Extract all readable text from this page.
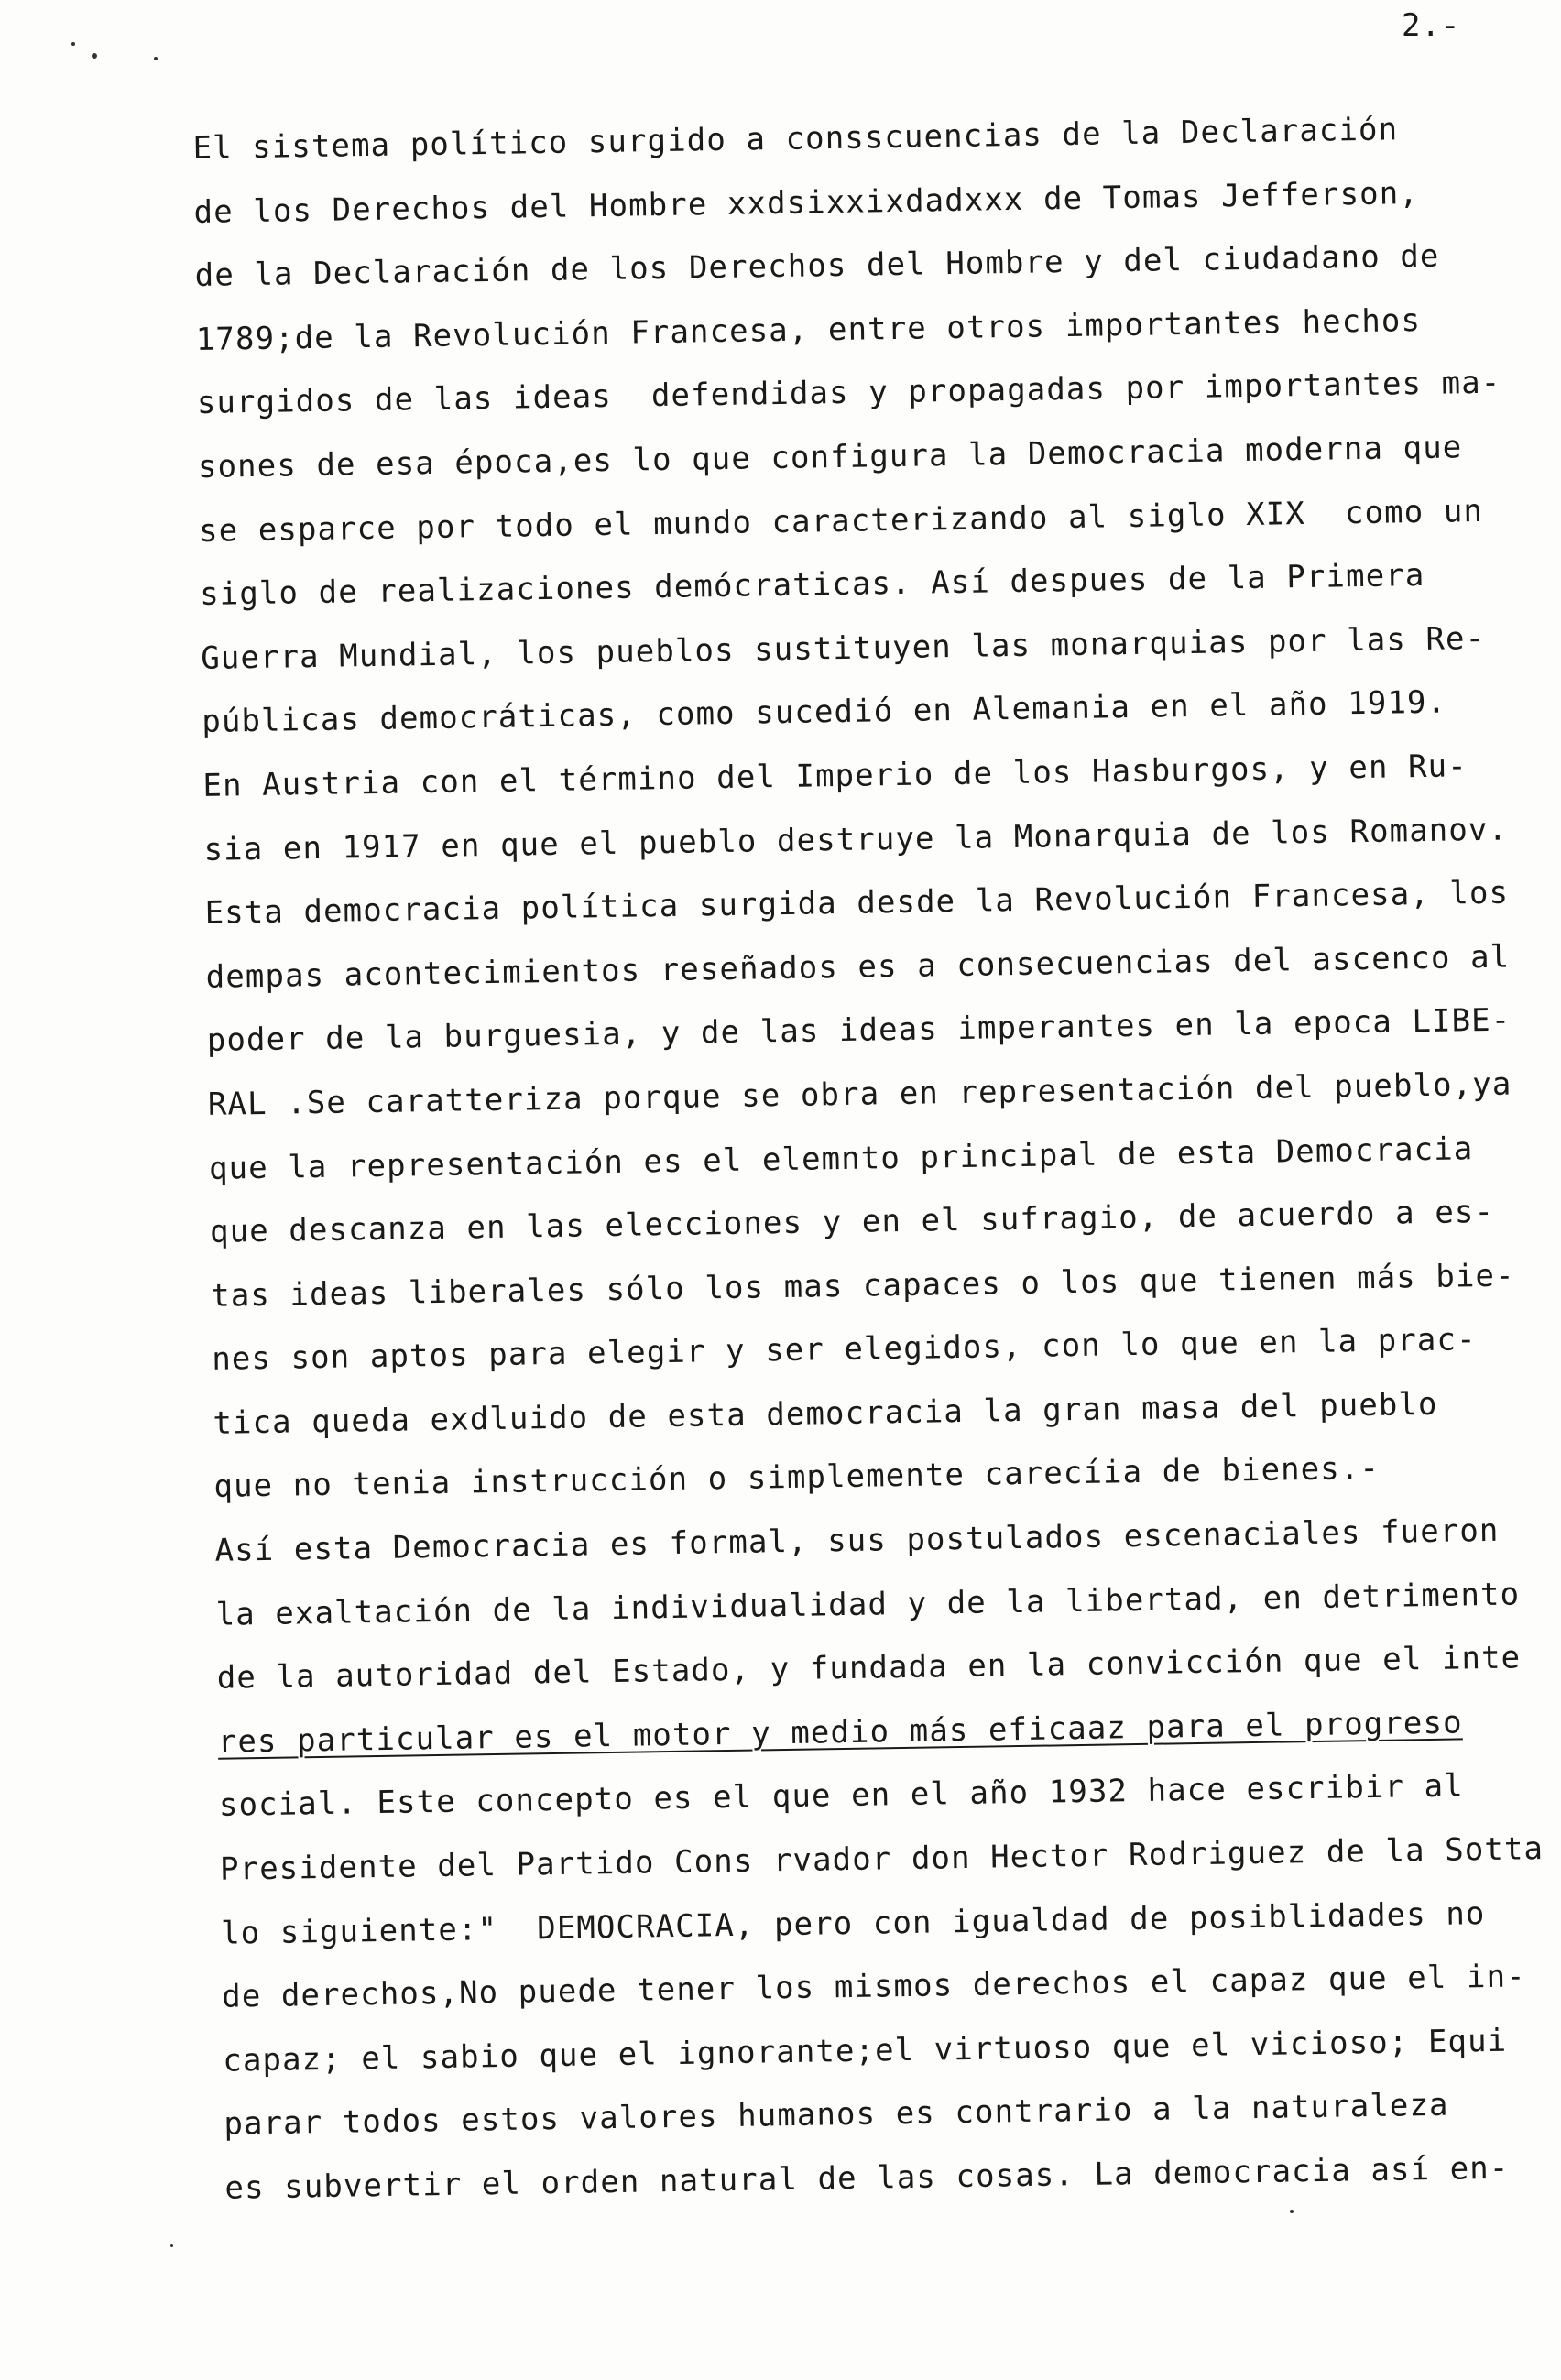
2.-
El sistema político surgido a consscuencias de la Declaración
de los Derechos del Hombre xxdsixxixdadxxx de Tomas Jefferson,
de la Declaración de los Derechos del Hombre y del ciudadano de
1789;de la Revolución Francesa, entre otros importantes hechos
surgidos de las ideas  defendidas y propagadas por importantes ma-
sones de esa época,es lo que configura la Democracia moderna que
se esparce por todo el mundo caracterizando al siglo XIX  como un
siglo de realizaciones demócraticas. Así despues de la Primera
Guerra Mundial, los pueblos sustituyen las monarquias por las Re-
públicas democráticas, como sucedió en Alemania en el año 1919.
En Austria con el término del Imperio de los Hasburgos, y en Ru-
sia en 1917 en que el pueblo destruye la Monarquia de los Romanov.
Esta democracia política surgida desde la Revolución Francesa, los
dempas acontecimientos reseñados es a consecuencias del ascenco al
poder de la burguesia, y de las ideas imperantes en la epoca LIBE-
RAL .Se caratteriza porque se obra en representación del pueblo,ya
que la representación es el elemnto principal de esta Democracia
que descanza en las elecciones y en el sufragio, de acuerdo a es-
tas ideas liberales sólo los mas capaces o los que tienen más bie-
nes son aptos para elegir y ser elegidos, con lo que en la prac-
tica queda exdluido de esta democracia la gran masa del pueblo
que no tenia instrucción o simplemente carecíia de bienes.-
Así esta Democracia es formal, sus postulados escenaciales fueron
la exaltación de la individualidad y de la libertad, en detrimento
de la autoridad del Estado, y fundada en la convicción que el inte
res particular es el motor y medio más eficaaz para el progreso
social. Este concepto es el que en el año 1932 hace escribir al
Presidente del Partido Cons rvador don Hector Rodriguez de la Sotta
lo siguiente:"  DEMOCRACIA, pero con igualdad de posiblidades no
de derechos,No puede tener los mismos derechos el capaz que el in-
capaz; el sabio que el ignorante;el virtuoso que el vicioso; Equi
parar todos estos valores humanos es contrario a la naturaleza
es subvertir el orden natural de las cosas. La democracia así en-
